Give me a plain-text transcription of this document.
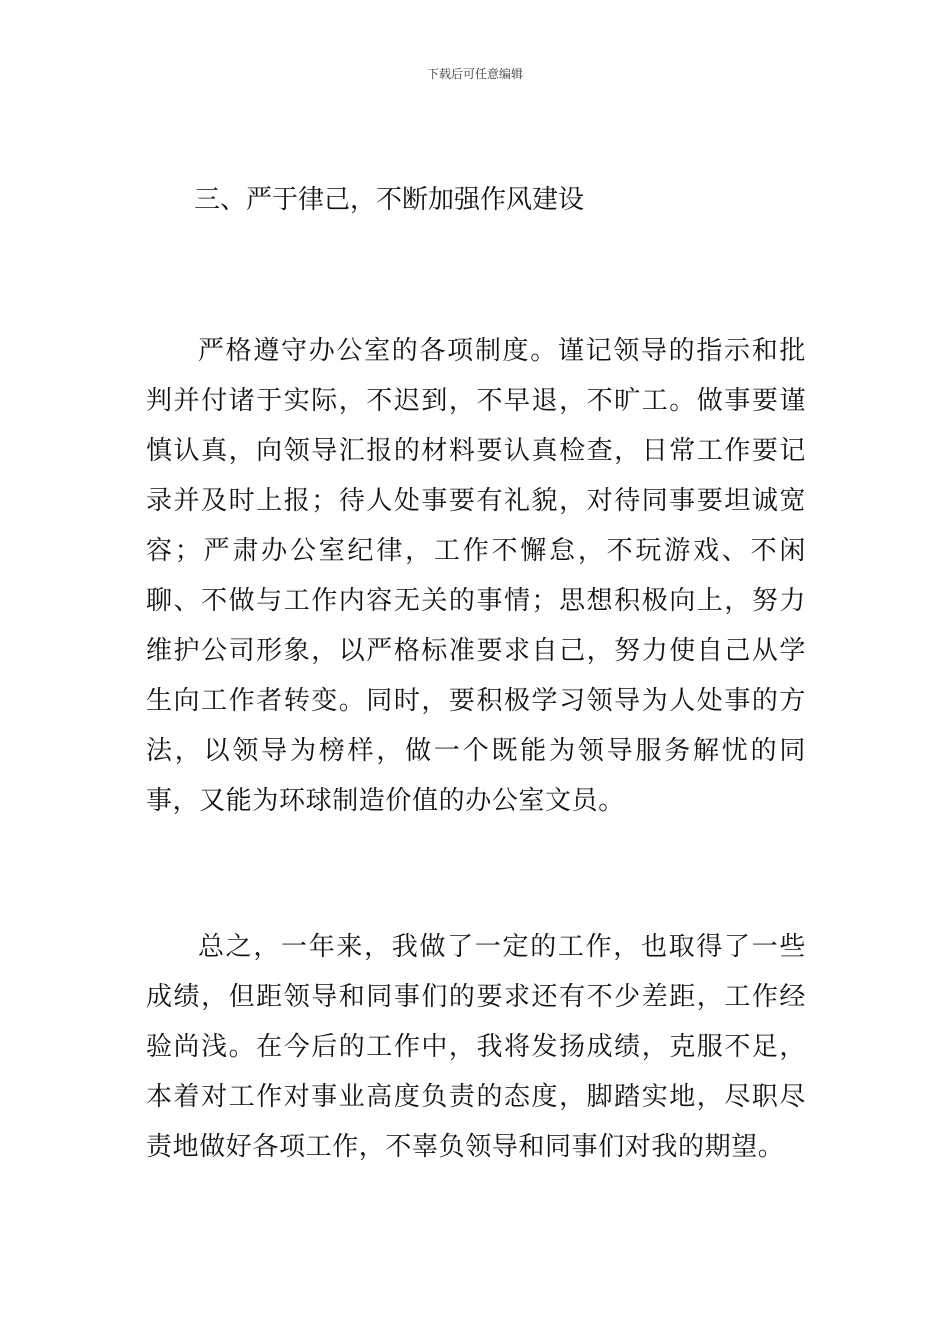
下载后可任意编辑
三、严于律己，不断加强作风建设

严格遵守办公室的各项制度。谨记领导的指示和批判并付诸于实际，不迟到，不早退，不旷工。做事要谨慎认真，向领导汇报的材料要认真检查，日常工作要记录并及时上报；待人处事要有礼貌，对待同事要坦诚宽容；严肃办公室纪律，工作不懈怠，不玩游戏、不闲聊、不做与工作内容无关的事情；思想积极向上，努力维护公司形象，以严格标准要求自己，努力使自己从学生向工作者转变。同时，要积极学习领导为人处事的方法，以领导为榜样，做一个既能为领导服务解忧的同事，又能为环球制造价值的办公室文员。

总之，一年来，我做了一定的工作，也取得了一些成绩，但距领导和同事们的要求还有不少差距，工作经验尚浅。在今后的工作中，我将发扬成绩，克服不足，本着对工作对事业高度负责的态度，脚踏实地，尽职尽责地做好各项工作，不辜负领导和同事们对我的期望。
